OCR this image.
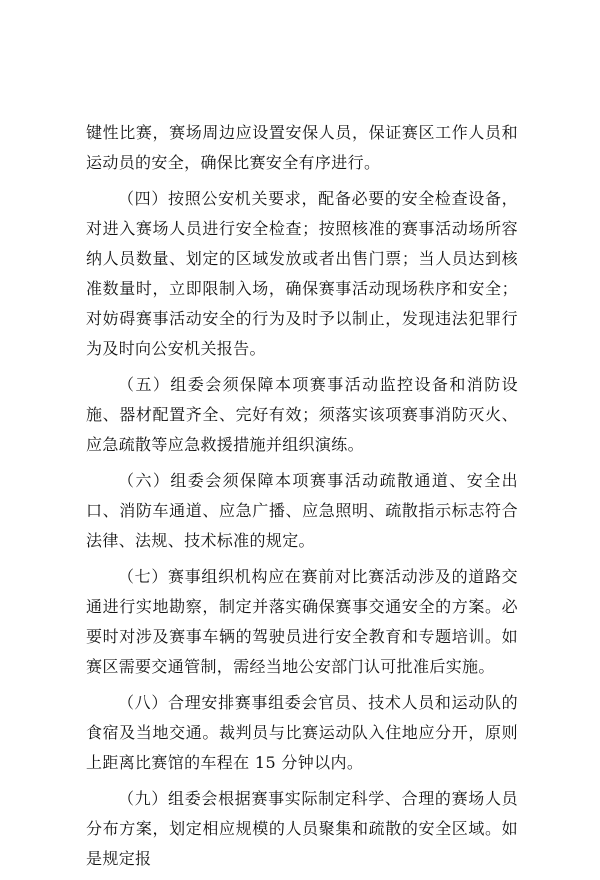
键性比赛，赛场周边应设置安保人员，保证赛区工作人员和运动员的安全，确保比赛安全有序进行。

（四）按照公安机关要求，配备必要的安全检查设备，对进入赛场人员进行安全检查；按照核准的赛事活动场所容纳人员数量、划定的区域发放或者出售门票；当人员达到核准数量时，立即限制入场，确保赛事活动现场秩序和安全；对妨碍赛事活动安全的行为及时予以制止，发现违法犯罪行为及时向公安机关报告。

（五）组委会须保障本项赛事活动监控设备和消防设施、器材配置齐全、完好有效；须落实该项赛事消防灭火、应急疏散等应急救援措施并组织演练。

（六）组委会须保障本项赛事活动疏散通道、安全出口、消防车通道、应急广播、应急照明、疏散指示标志符合法律、法规、技术标准的规定。

（七）赛事组织机构应在赛前对比赛活动涉及的道路交通进行实地勘察，制定并落实确保赛事交通安全的方案。必要时对涉及赛事车辆的驾驶员进行安全教育和专题培训。如赛区需要交通管制，需经当地公安部门认可批准后实施。

（八）合理安排赛事组委会官员、技术人员和运动队的食宿及当地交通。裁判员与比赛运动队入住地应分开，原则上距离比赛馆的车程在 15 分钟以内。

（九）组委会根据赛事实际制定科学、合理的赛场人员分布方案，划定相应规模的人员聚集和疏散的安全区域。如是规定报
